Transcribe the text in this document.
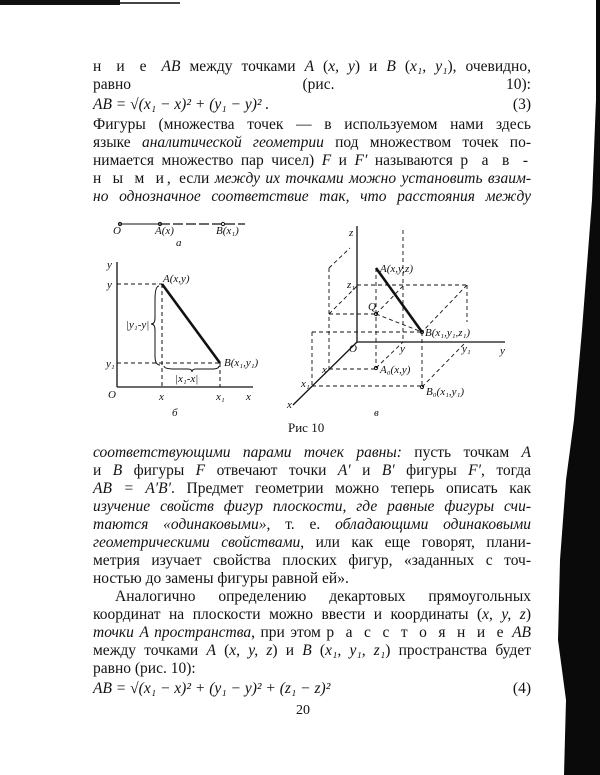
н и е AB между точками A (x, y) и B (x₁, y₁), очевидно,
равно (рис. 10):
AB = √(x₁ − x)² + (y₁ − y)² .	(3)
Фигуры (множества точек — в используемом нами здесь
языке аналитической геометрии под множеством точек по-
нимается множество пар чисел) F и F′ называются р а в -
н ы м и, если между их точками можно установить взаим-
но однозначное соответствие так, что расстояния между
O	A(x)	B(x₁)
а
y
y
y₁
O	x	x₁ x
A(x,y)
B(x₁,y₁)
|y₁-y|
|x₁-x|
б
z
z₁
Q
A(x,y,z)
B(x₁,y₁,z₁)
O	y	y₁	y
x
x₁
x
A₀(x,y)
B₀(x₁,y₁)
в
Рис 10
соответствующими парами точек равны: пусть точкам A
и B фигуры F отвечают точки A′ и B′ фигуры F′, тогда
AB = A′B′. Предмет геометрии можно теперь описать как
изучение свойств фигур плоскости, где равные фигуры счи-
таются «одинаковыми», т. е. обладающими одинаковыми
геометрическими свойствами, или как еще говорят, плани-
метрия изучает свойства плоских фигур, «заданных с точ-
ностью до замены фигуры равной ей».
Аналогично определению декартовых прямоугольных
координат на плоскости можно ввести и координаты (x, y, z)
точки A пространства, при этом р а с с т о я н и е AB
между точками A (x, y, z) и B (x₁, y₁, z₁) пространства будет
равно (рис. 10):
AB = √(x₁ − x)² + (y₁ − y)² + (z₁ − z)²	(4)
20
